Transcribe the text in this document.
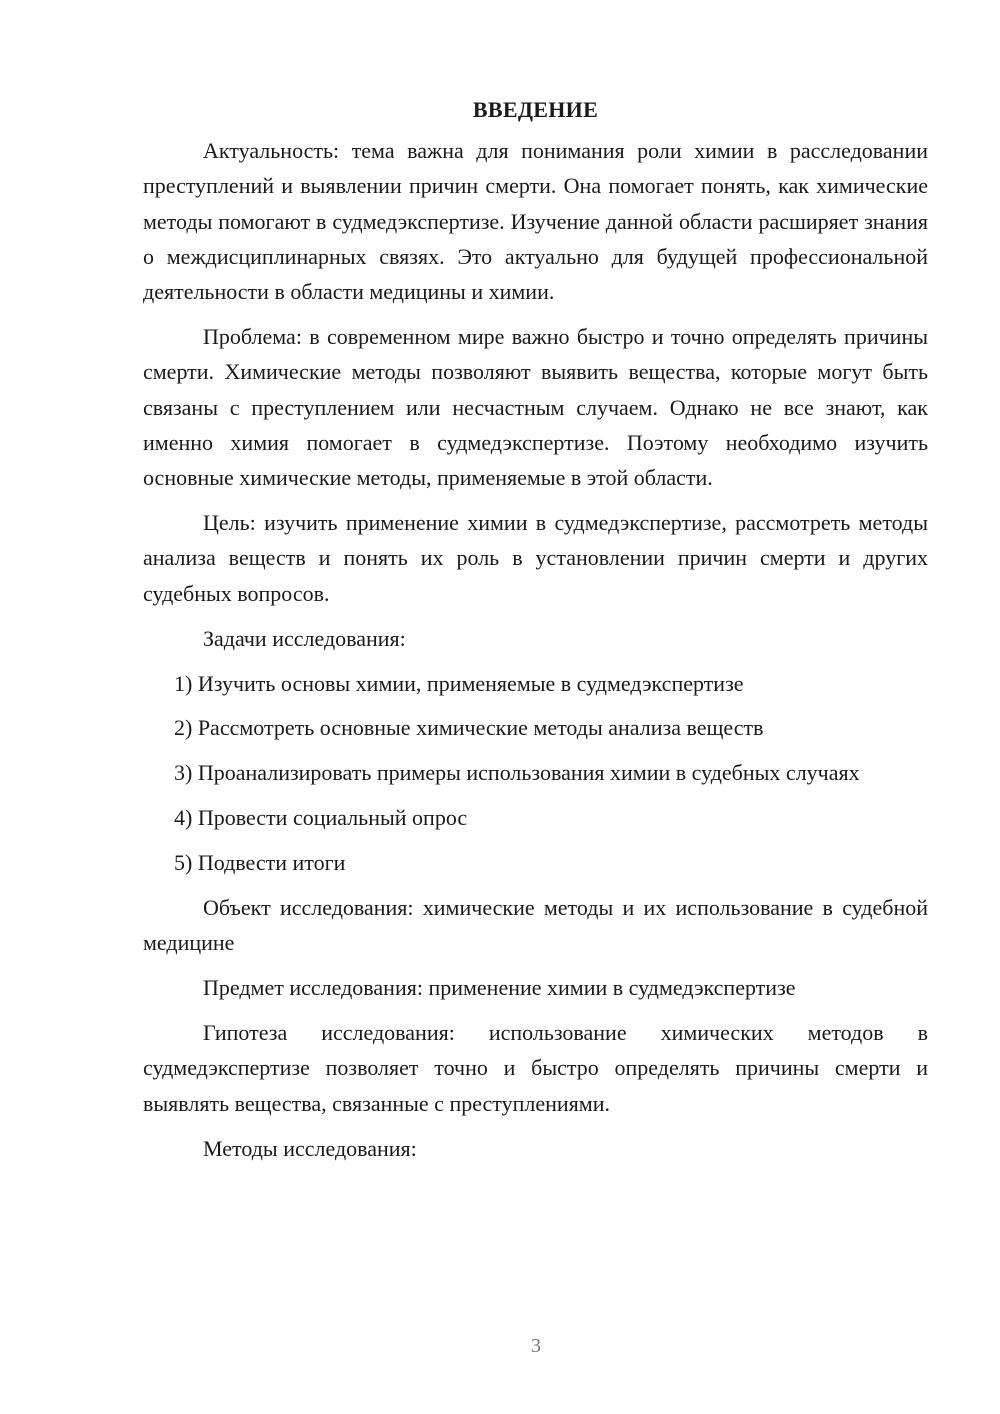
ВВЕДЕНИЕ

Актуальность: тема важна для понимания роли химии в расследовании преступлений и выявлении причин смерти. Она помогает понять, как химические методы помогают в судмедэкспертизе. Изучение данной области расширяет знания о междисциплинарных связях. Это актуально для будущей профессиональной деятельности в области медицины и химии.

Проблема: в современном мире важно быстро и точно определять причины смерти. Химические методы позволяют выявить вещества, которые могут быть связаны с преступлением или несчастным случаем. Однако не все знают, как именно химия помогает в судмедэкспертизе. Поэтому необходимо изучить основные химические методы, применяемые в этой области.

Цель: изучить применение химии в судмедэкспертизе, рассмотреть методы анализа веществ и понять их роль в установлении причин смерти и других судебных вопросов.

Задачи исследования:

1) Изучить основы химии, применяемые в судмедэкспертизе

2) Рассмотреть основные химические методы анализа веществ

3) Проанализировать примеры использования химии в судебных случаях

4) Провести социальный опрос

5) Подвести итоги

Объект исследования: химические методы и их использование в судебной медицине

Предмет исследования: применение химии в судмедэкспертизе

Гипотеза исследования: использование химических методов в судмедэкспертизе позволяет точно и быстро определять причины смерти и выявлять вещества, связанные с преступлениями.

Методы исследования:

3
